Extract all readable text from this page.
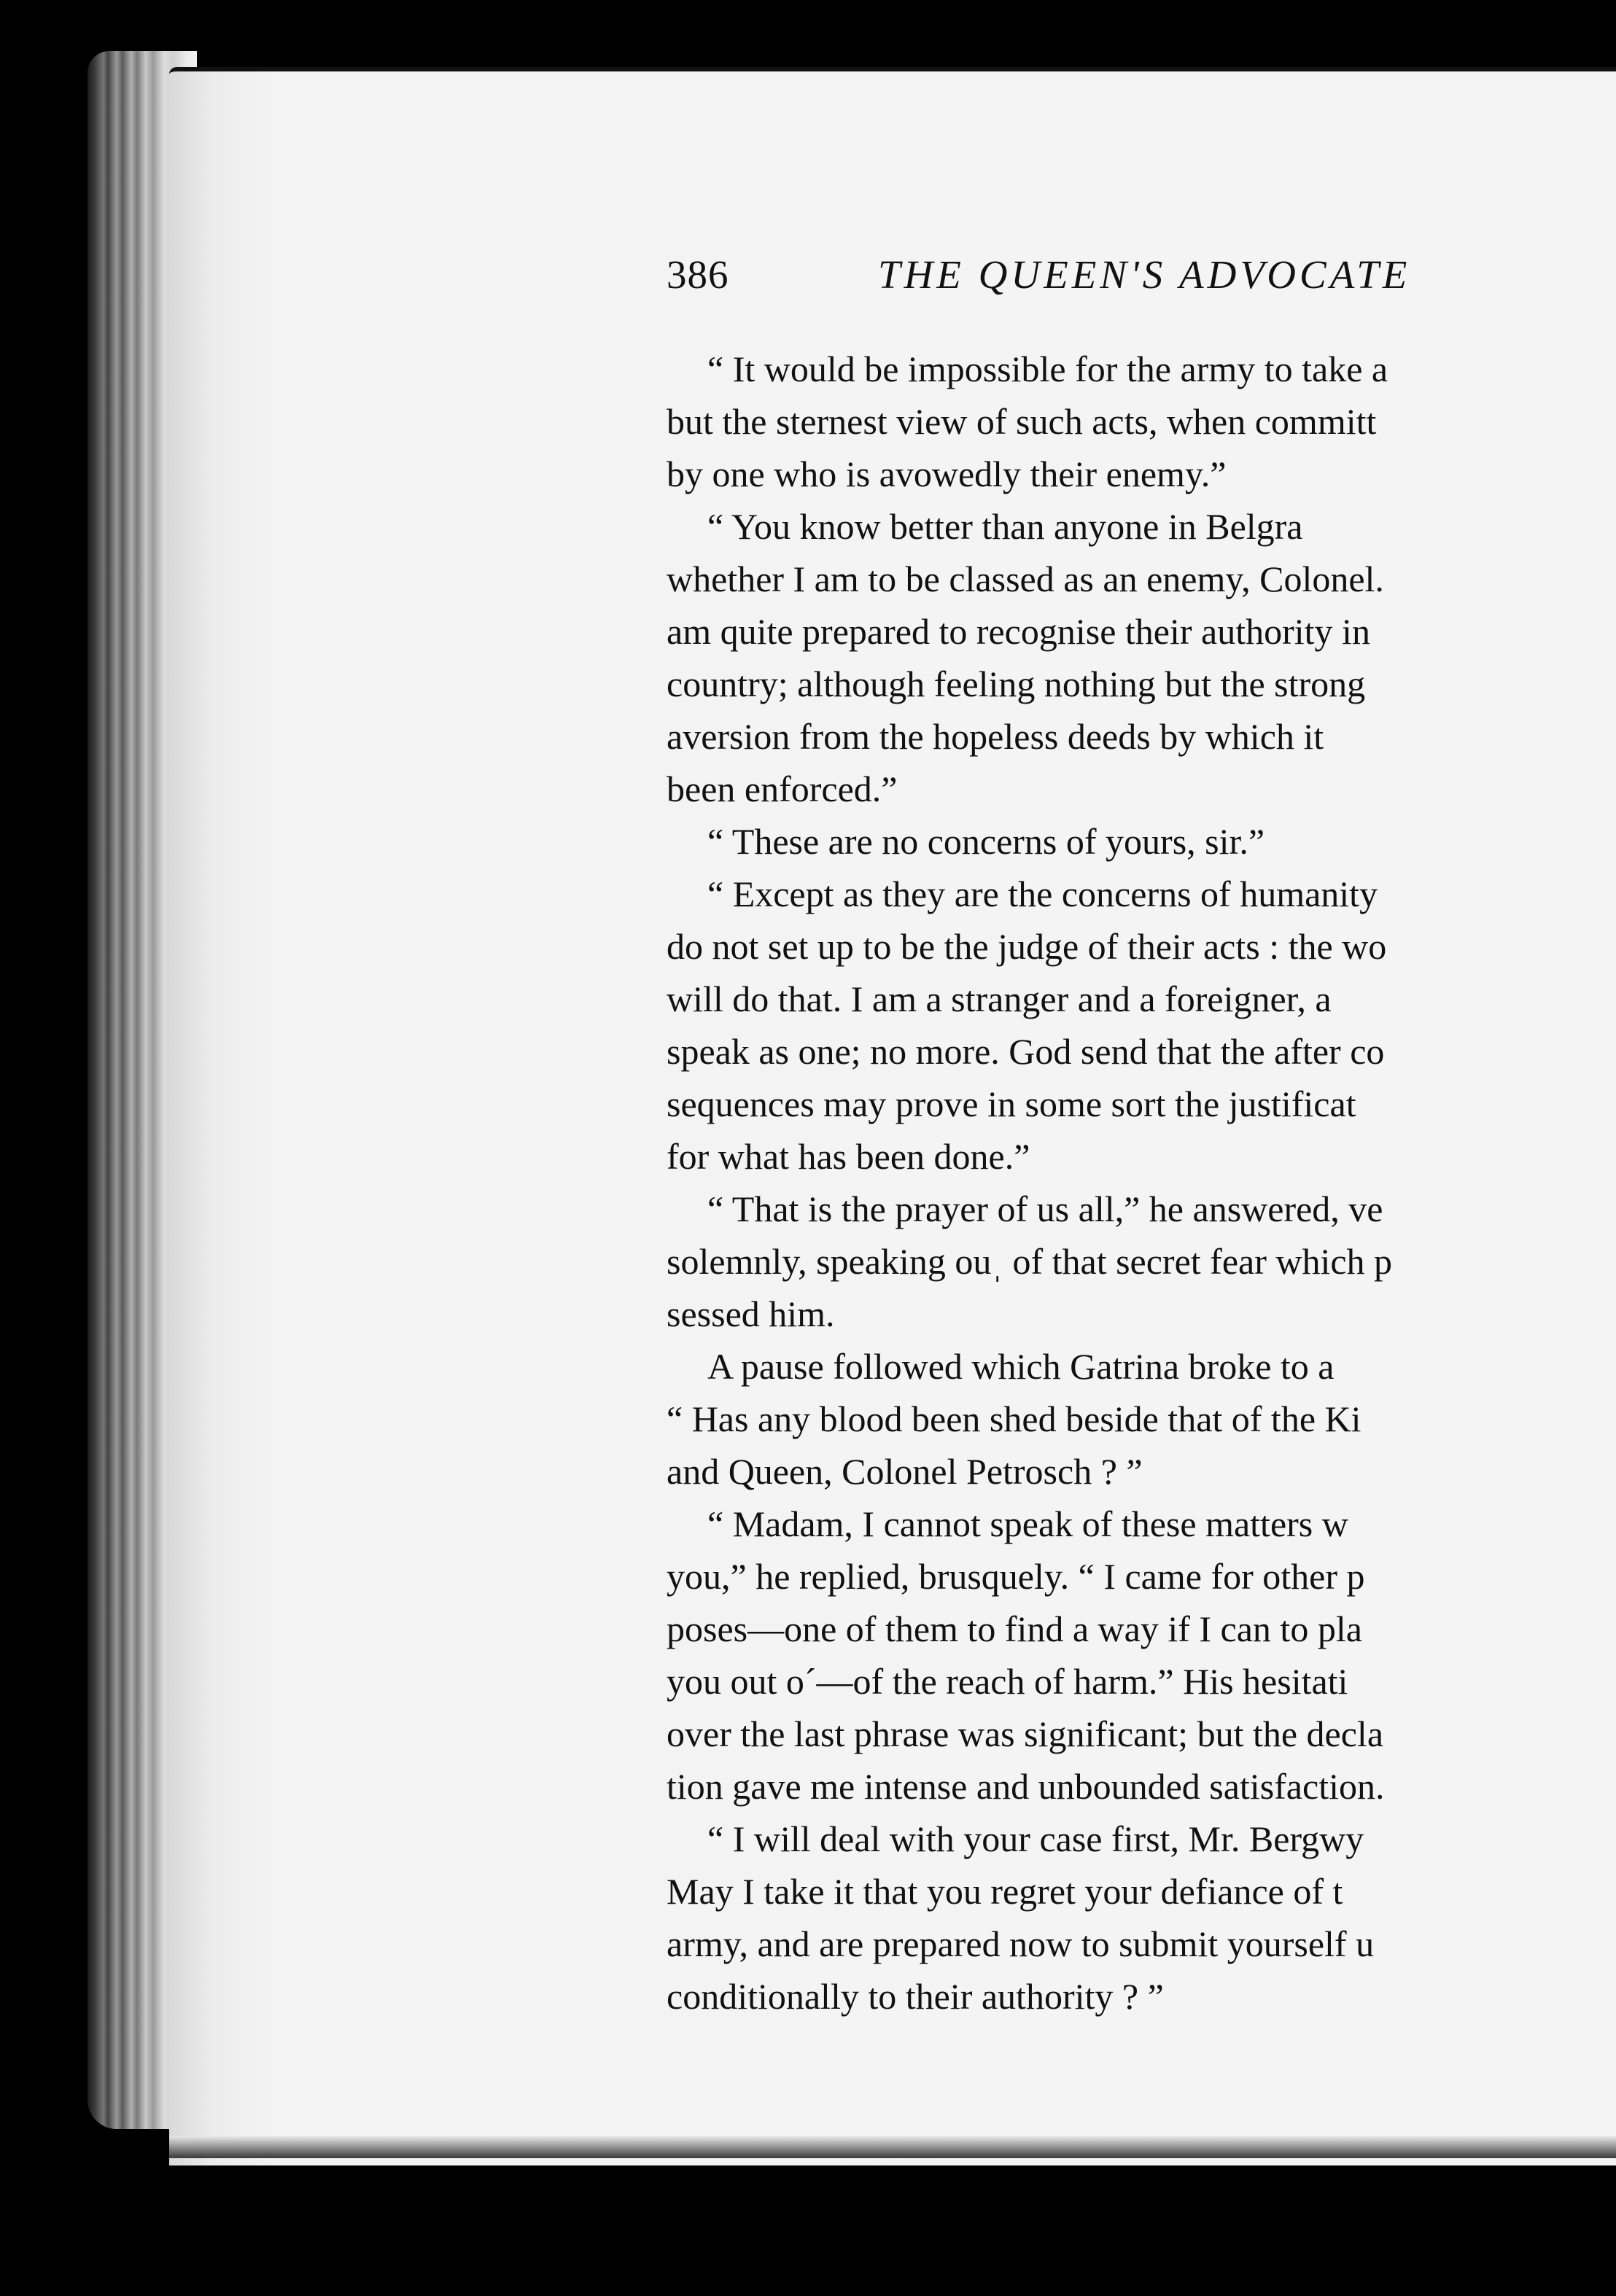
386	THE QUEEN'S ADVOCATE
“ It would be impossible for the army to take a
but the sternest view of such acts, when committ
by one who is avowedly their enemy.”
“ You know better than anyone in Belgra
whether I am to be classed as an enemy, Colonel.
am quite prepared to recognise their authority in
country; although feeling nothing but the strong
aversion from the hopeless deeds by which it
been enforced.”
“ These are no concerns of yours, sir.”
“ Except as they are the concerns of humanity
do not set up to be the judge of their acts : the wo
will do that. I am a stranger and a foreigner, a
speak as one; no more. God send that the after co
sequences may prove in some sort the justificat
for what has been done.”
“ That is the prayer of us all,” he answered, ve
solemnly, speaking ouˌ of that secret fear which p
sessed him.
A pause followed which Gatrina broke to a
“ Has any blood been shed beside that of the Ki
and Queen, Colonel Petrosch ? ”
“ Madam, I cannot speak of these matters w
you,” he replied, brusquely. “ I came for other p
poses—one of them to find a way if I can to pla
you out oˊ—of the reach of harm.” His hesitati
over the last phrase was significant; but the decla
tion gave me intense and unbounded satisfaction.
“ I will deal with your case first, Mr. Bergwy
May I take it that you regret your defiance of t
army, and are prepared now to submit yourself u
conditionally to their authority ? ”
